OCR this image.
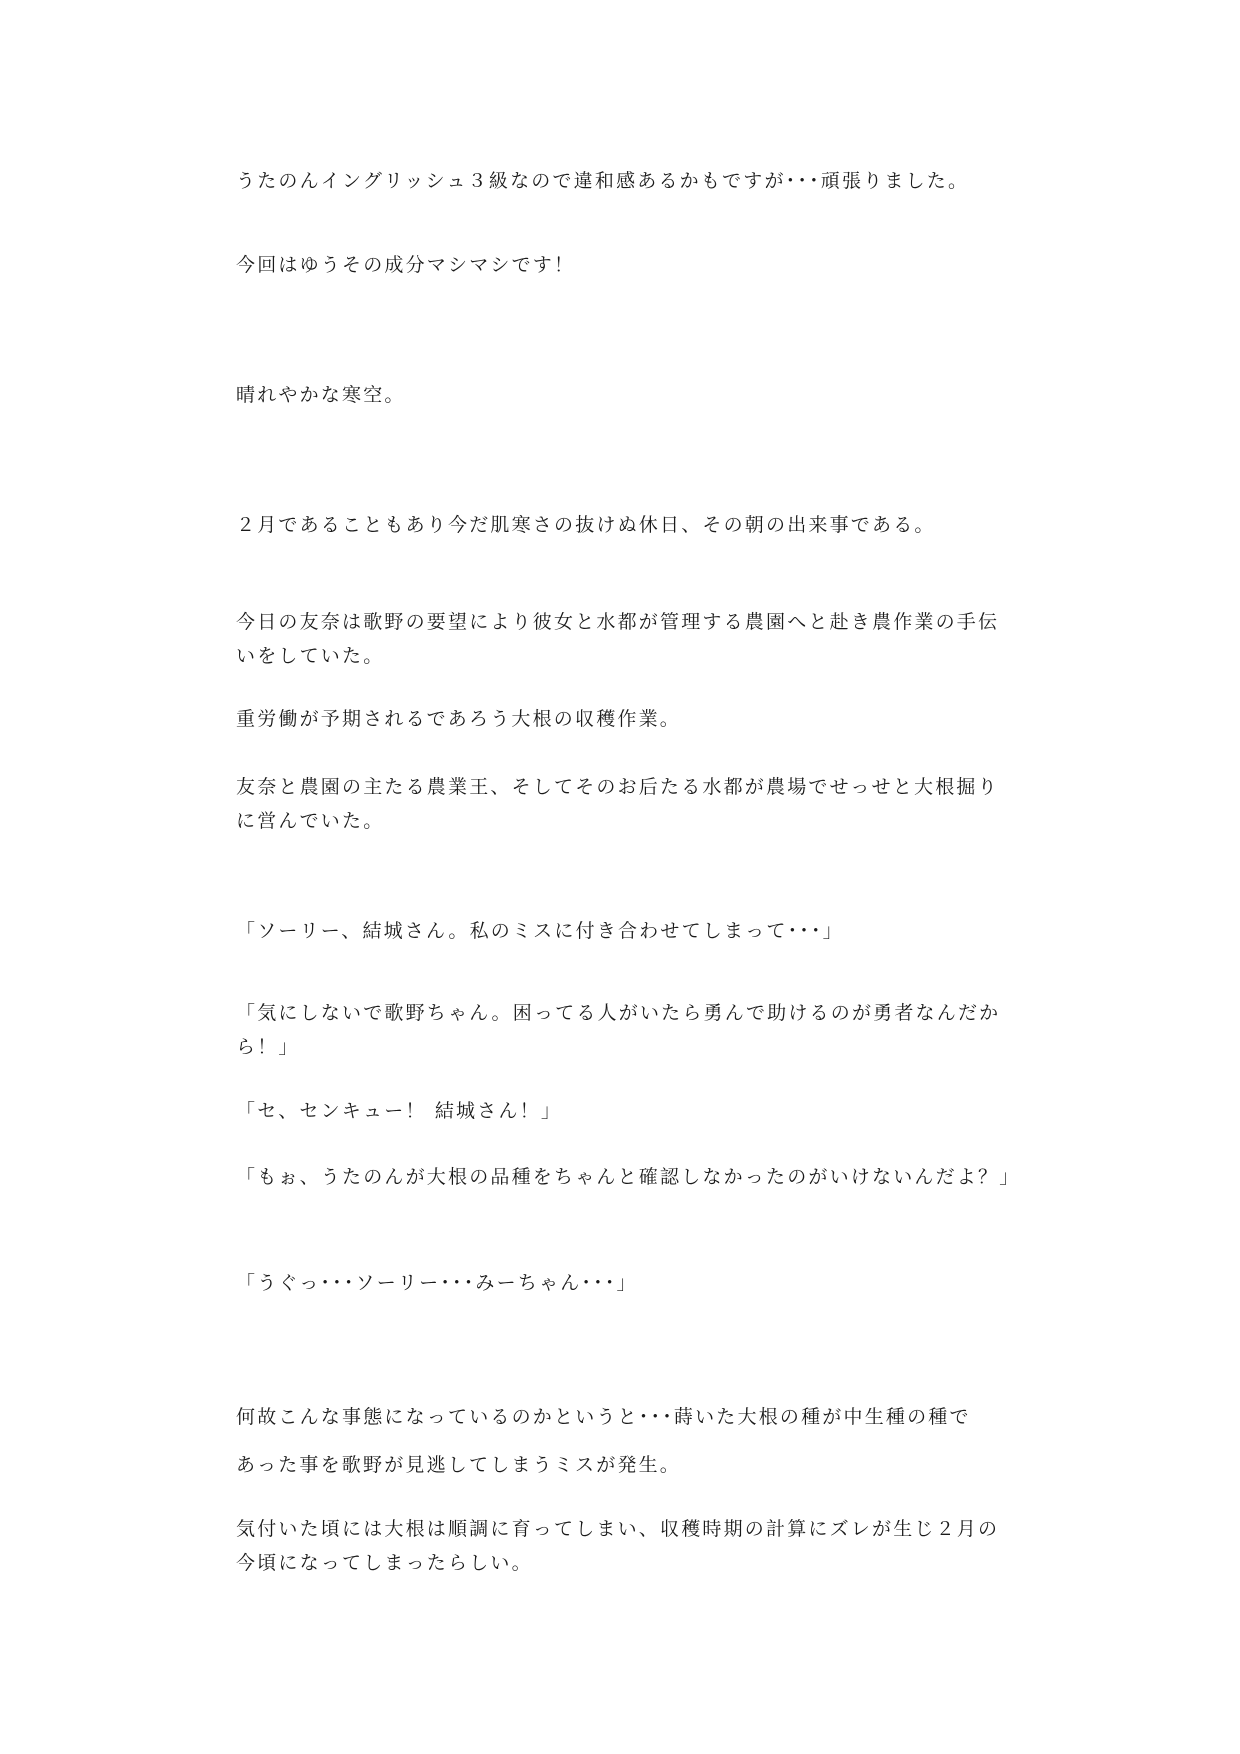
うたのんイングリッシュ３級なので違和感あるかもですが･･･頑張りました。

今回はゆうその成分マシマシです！

晴れやかな寒空。

２月であることもあり今だ肌寒さの抜けぬ休日、その朝の出来事である。

今日の友奈は歌野の要望により彼女と水都が管理する農園へと赴き農作業の手伝いをしていた。

重労働が予期されるであろう大根の収穫作業。

友奈と農園の主たる農業王、そしてそのお后たる水都が農場でせっせと大根掘りに営んでいた。

「ソーリー、結城さん。私のミスに付き合わせてしまって･･･」

「気にしないで歌野ちゃん。困ってる人がいたら勇んで助けるのが勇者なんだから！」

「セ、センキュー！ 結城さん！」

「もぉ、うたのんが大根の品種をちゃんと確認しなかったのがいけないんだよ？」

「うぐっ･･･ソーリー･･･みーちゃん･･･」

何故こんな事態になっているのかというと･･･蒔いた大根の種が中生種の種で

あった事を歌野が見逃してしまうミスが発生。

気付いた頃には大根は順調に育ってしまい、収穫時期の計算にズレが生じ２月の今頃になってしまったらしい。
